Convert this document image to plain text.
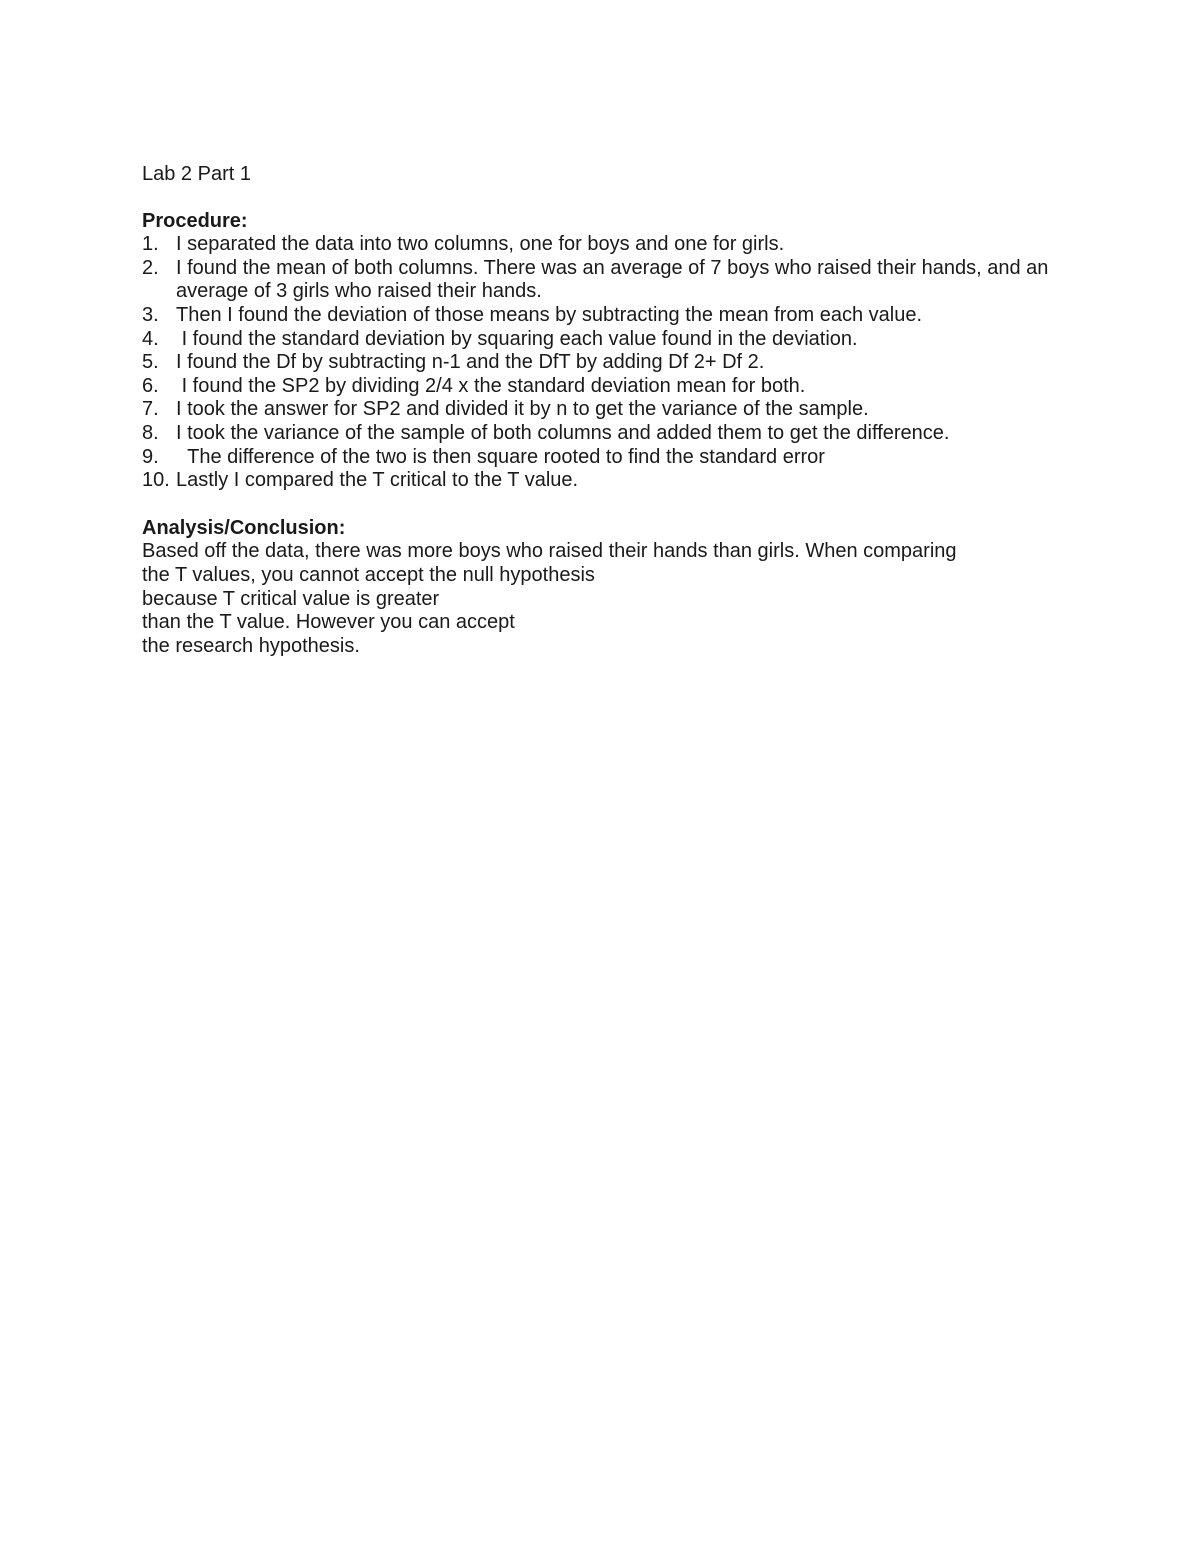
Lab 2 Part 1
Procedure:
1. I separated the data into two columns, one for boys and one for girls.
2. I found the mean of both columns. There was an average of 7 boys who raised their hands, and an average of 3 girls who raised their hands.
3. Then I found the deviation of those means by subtracting the mean from each value.
4. I found the standard deviation by squaring each value found in the deviation.
5. I found the Df by subtracting n-1 and the DfT by adding Df 2+ Df 2.
6. I found the SP2 by dividing 2/4 x the standard deviation mean for both.
7. I took the answer for SP2 and divided it by n to get the variance of the sample.
8. I took the variance of the sample of both columns and added them to get the difference.
9. The difference of the two is then square rooted to find the standard error
10. Lastly I compared the T critical to the T value.
Analysis/Conclusion:
Based off the data, there was more boys who raised their hands than girls. When comparing
the T values, you cannot accept the null hypothesis
because T critical value is greater
than the T value. However you can accept
the research hypothesis.
